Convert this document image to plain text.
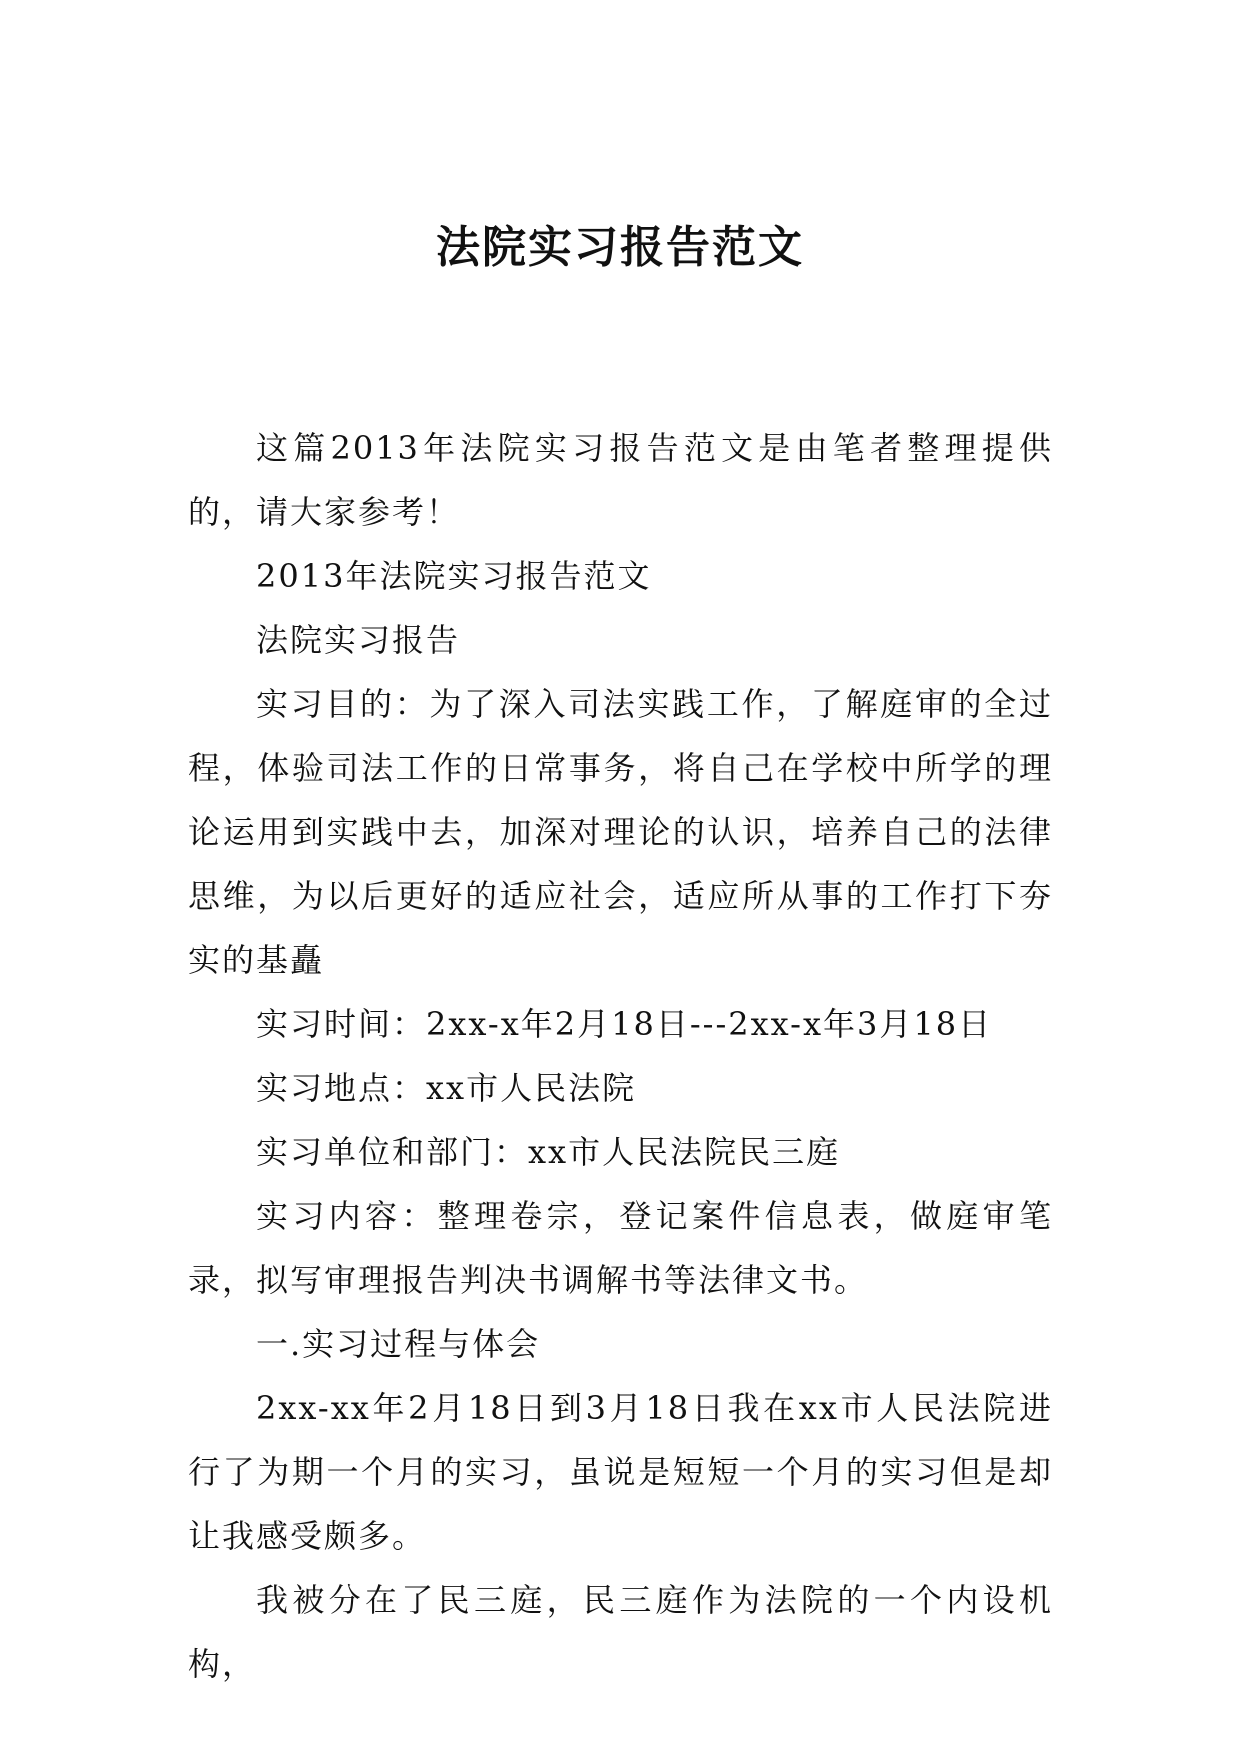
法院实习报告范文

这篇2013年法院实习报告范文是由笔者整理提供的，请大家参考！

2013年法院实习报告范文

法院实习报告

实习目的：为了深入司法实践工作，了解庭审的全过程，体验司法工作的日常事务，将自己在学校中所学的理论运用到实践中去，加深对理论的认识，培养自己的法律思维，为以后更好的适应社会，适应所从事的工作打下夯实的基矗

实习时间：2xx-x年2月18日---2xx-x年3月18日

实习地点：xx市人民法院

实习单位和部门：xx市人民法院民三庭

实习内容：整理卷宗，登记案件信息表，做庭审笔录，拟写审理报告判决书调解书等法律文书。

一.实习过程与体会

2xx-xx年2月18日到3月18日我在xx市人民法院进行了为期一个月的实习，虽说是短短一个月的实习但是却让我感受颇多。

我被分在了民三庭，民三庭作为法院的一个内设机构，
